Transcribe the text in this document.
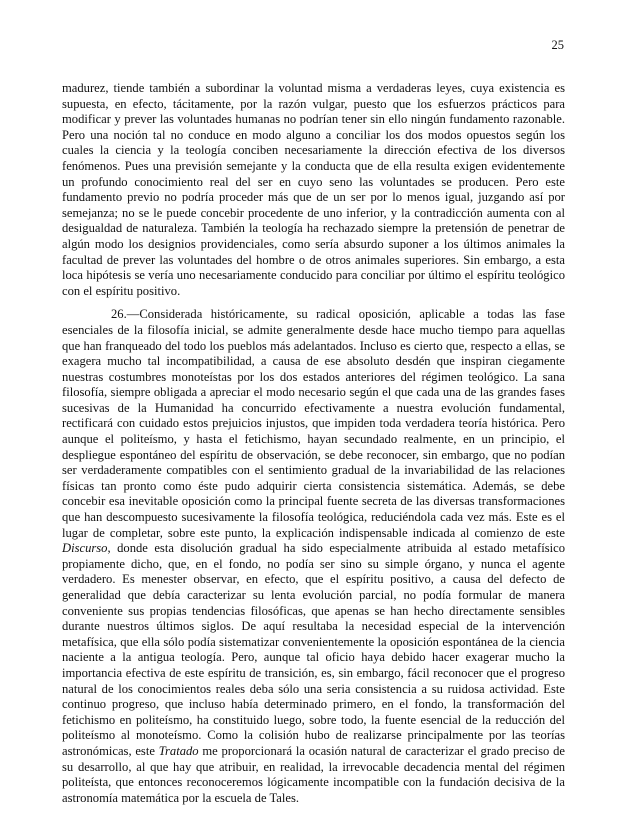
25

madurez, tiende también a subordinar la voluntad misma a verdaderas leyes, cuya existencia es supuesta, en efecto, tácitamente, por la razón vulgar, puesto que los esfuerzos prácticos para modificar y prever las voluntades humanas no podrían tener sin ello ningún fundamento razonable. Pero una noción tal no conduce en modo alguno a conciliar los dos modos opuestos según los cuales la ciencia y la teología conciben necesariamente la dirección efectiva de los diversos fenómenos. Pues una previsión semejante y la conducta que de ella resulta exigen evidentemente un profundo conocimiento real del ser en cuyo seno las voluntades se producen. Pero este fundamento previo no podría proceder más que de un ser por lo menos igual, juzgando así por semejanza; no se le puede concebir procedente de uno inferior, y la contradicción aumenta con al desigualdad de naturaleza. También la teología ha rechazado siempre la pretensión de penetrar de algún modo los designios providenciales, como sería absurdo suponer a los últimos animales la facultad de prever las voluntades del hombre o de otros animales superiores. Sin embargo, a esta loca hipótesis se vería uno necesariamente conducido para conciliar por último el espíritu teológico con el espíritu positivo.

26.—Considerada históricamente, su radical oposición, aplicable a todas las fase esenciales de la filosofía inicial, se admite generalmente desde hace mucho tiempo para aquellas que han franqueado del todo los pueblos más adelantados. Incluso es cierto que, respecto a ellas, se exagera mucho tal incompatibilidad, a causa de ese absoluto desdén que inspiran ciegamente nuestras costumbres monoteístas por los dos estados anteriores del régimen teológico. La sana filosofía, siempre obligada a apreciar el modo necesario según el que cada una de las grandes fases sucesivas de la Humanidad ha concurrido efectivamente a nuestra evolución fundamental, rectificará con cuidado estos prejuicios injustos, que impiden toda verdadera teoría histórica. Pero aunque el politeísmo, y hasta el fetichismo, hayan secundado realmente, en un principio, el despliegue espontáneo del espíritu de observación, se debe reconocer, sin embargo, que no podían ser verdaderamente compatibles con el sentimiento gradual de la invariabilidad de las relaciones físicas tan pronto como éste pudo adquirir cierta consistencia sistemática. Además, se debe concebir esa inevitable oposición como la principal fuente secreta de las diversas transformaciones que han descompuesto sucesivamente la filosofía teológica, reduciéndola cada vez más. Este es el lugar de completar, sobre este punto, la explicación indispensable indicada al comienzo de este Discurso, donde esta disolución gradual ha sido especialmente atribuida al estado metafísico propiamente dicho, que, en el fondo, no podía ser sino su simple órgano, y nunca el agente verdadero. Es menester observar, en efecto, que el espíritu positivo, a causa del defecto de generalidad que debía caracterizar su lenta evolución parcial, no podía formular de manera conveniente sus propias tendencias filosóficas, que apenas se han hecho directamente sensibles durante nuestros últimos siglos. De aquí resultaba la necesidad especial de la intervención metafísica, que ella sólo podía sistematizar convenientemente la oposición espontánea de la ciencia naciente a la antigua teología. Pero, aunque tal oficio haya debido hacer exagerar mucho la importancia efectiva de este espíritu de transición, es, sin embargo, fácil reconocer que el progreso natural de los conocimientos reales deba sólo una seria consistencia a su ruidosa actividad. Este continuo progreso, que incluso había determinado primero, en el fondo, la transformación del fetichismo en politeísmo, ha constituido luego, sobre todo, la fuente esencial de la reducción del politeísmo al monoteísmo. Como la colisión hubo de realizarse principalmente por las teorías astronómicas, este Tratado me proporcionará la ocasión natural de caracterizar el grado preciso de su desarrollo, al que hay que atribuir, en realidad, la irrevocable decadencia mental del régimen politeísta, que entonces reconoceremos lógicamente incompatible con la fundación decisiva de la astronomía matemática por la escuela de Tales.
